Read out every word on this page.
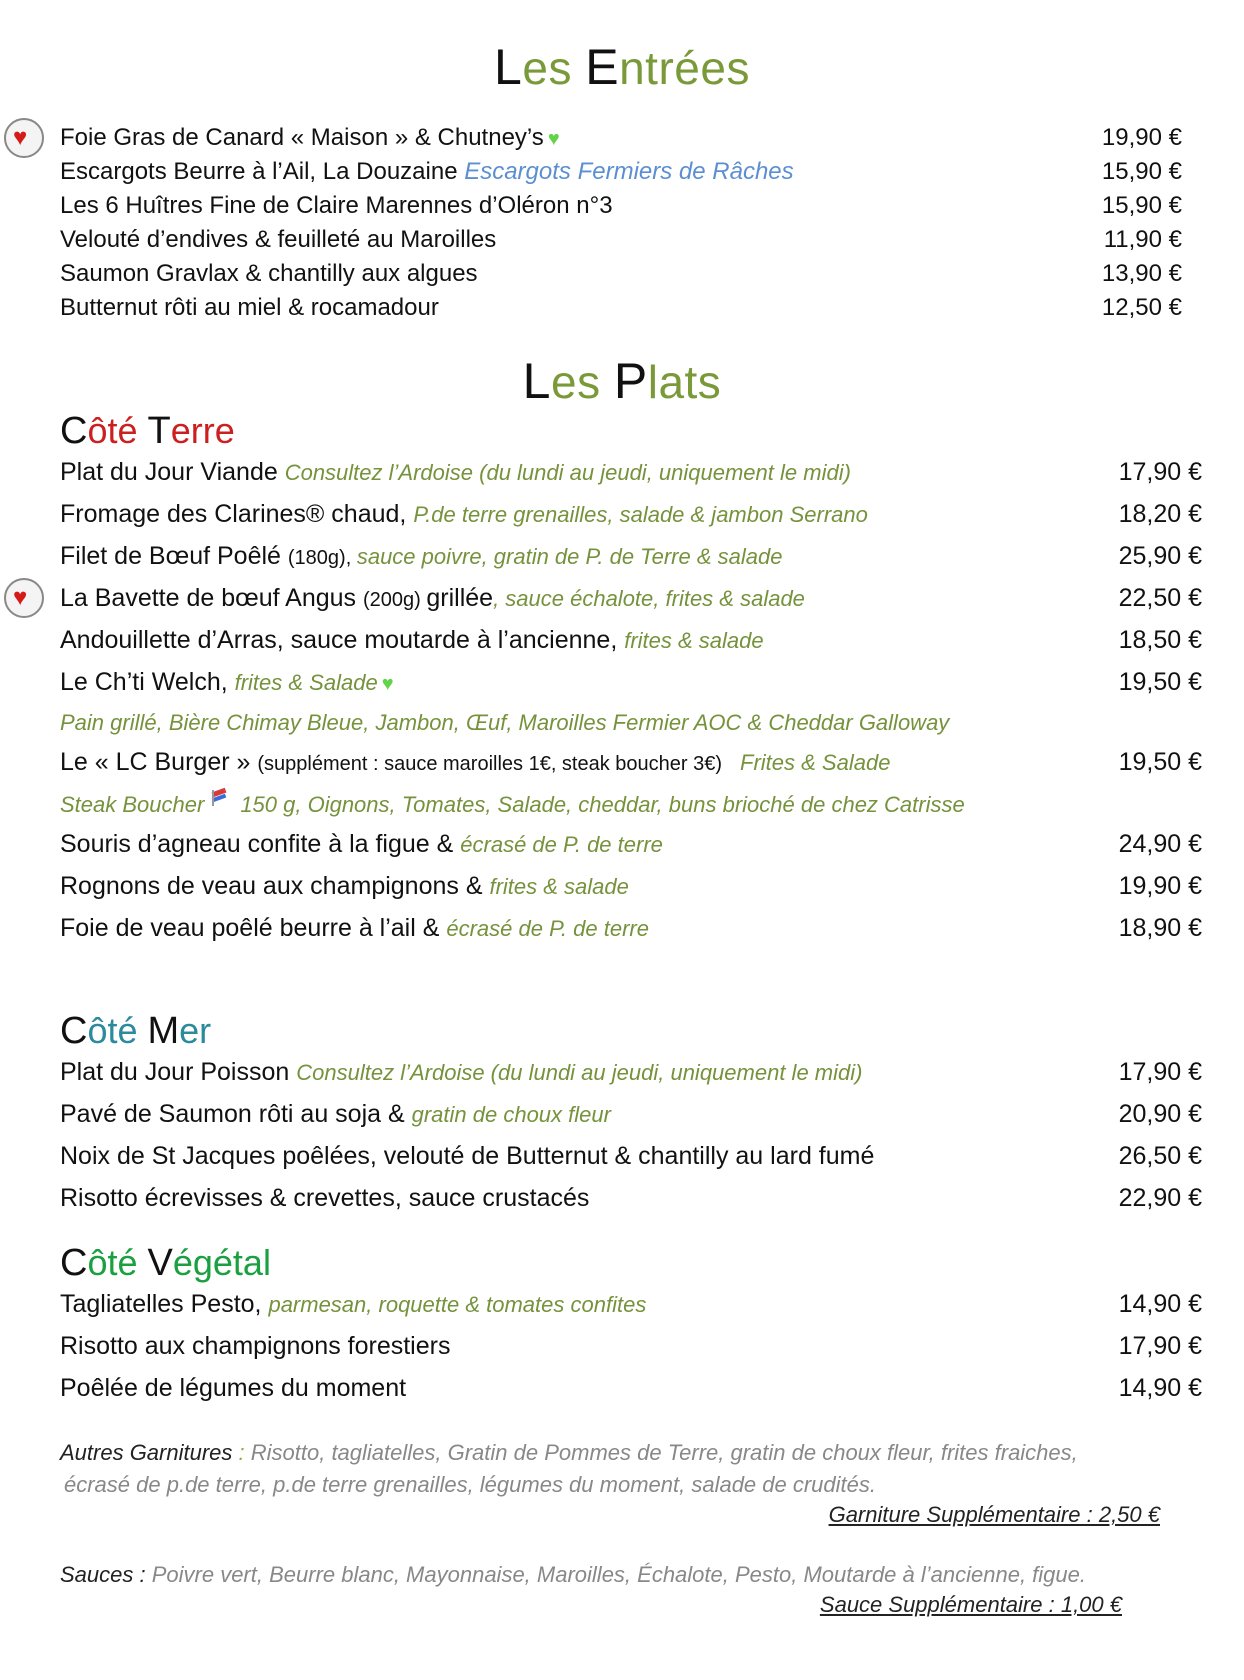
Les Entrées
♥ Foie Gras de Canard « Maison » & Chutney’s ♥	19,90 €
Escargots Beurre à l’Ail, La Douzaine Escargots Fermiers de Râches	15,90 €
Les 6 Huîtres Fine de Claire Marennes d’Oléron n°3	15,90 €
Velouté d’endives & feuilleté au Maroilles	11,90 €
Saumon Gravlax & chantilly aux algues	13,90 €
Butternut rôti au miel & rocamadour	12,50 €
Les Plats
Côté Terre
Plat du Jour Viande Consultez l’Ardoise (du lundi au jeudi, uniquement le midi)	17,90 €
Fromage des Clarines® chaud, P.de terre grenailles, salade & jambon Serrano	18,20 €
Filet de Bœuf Poêlé (180g), sauce poivre, gratin de P. de Terre & salade	25,90 €
♥ La Bavette de bœuf Angus (200g) grillée, sauce échalote, frites & salade	22,50 €
Andouillette d’Arras, sauce moutarde à l’ancienne, frites & salade	18,50 €
Le Ch’ti Welch, frites & Salade ♥	19,50 €
Pain grillé, Bière Chimay Bleue, Jambon, Œuf, Maroilles Fermier AOC & Cheddar Galloway
Le « LC Burger » (supplément : sauce maroilles 1€, steak boucher 3€) Frites & Salade	19,50 €
Steak Boucher 150 g, Oignons, Tomates, Salade, cheddar, buns brioché de chez Catrisse
Souris d’agneau confite à la figue & écrasé de P. de terre	24,90 €
Rognons de veau aux champignons & frites & salade	19,90 €
Foie de veau poêlé beurre à l’ail & écrasé de P. de terre	18,90 €
Côté Mer
Plat du Jour Poisson Consultez l’Ardoise (du lundi au jeudi, uniquement le midi)	17,90 €
Pavé de Saumon rôti au soja & gratin de choux fleur	20,90 €
Noix de St Jacques poêlées, velouté de Butternut & chantilly au lard fumé	26,50 €
Risotto écrevisses & crevettes, sauce crustacés	22,90 €
Côté Végétal
Tagliatelles Pesto, parmesan, roquette & tomates confites	14,90 €
Risotto aux champignons forestiers	17,90 €
Poêlée de légumes du moment	14,90 €
Autres Garnitures : Risotto, tagliatelles, Gratin de Pommes de Terre, gratin de choux fleur, frites fraiches,
écrasé de p.de terre, p.de terre grenailles, légumes du moment, salade de crudités.
Garniture Supplémentaire : 2,50 €
Sauces : Poivre vert, Beurre blanc, Mayonnaise, Maroilles, Échalote, Pesto, Moutarde à l’ancienne, figue.
Sauce Supplémentaire : 1,00 €
